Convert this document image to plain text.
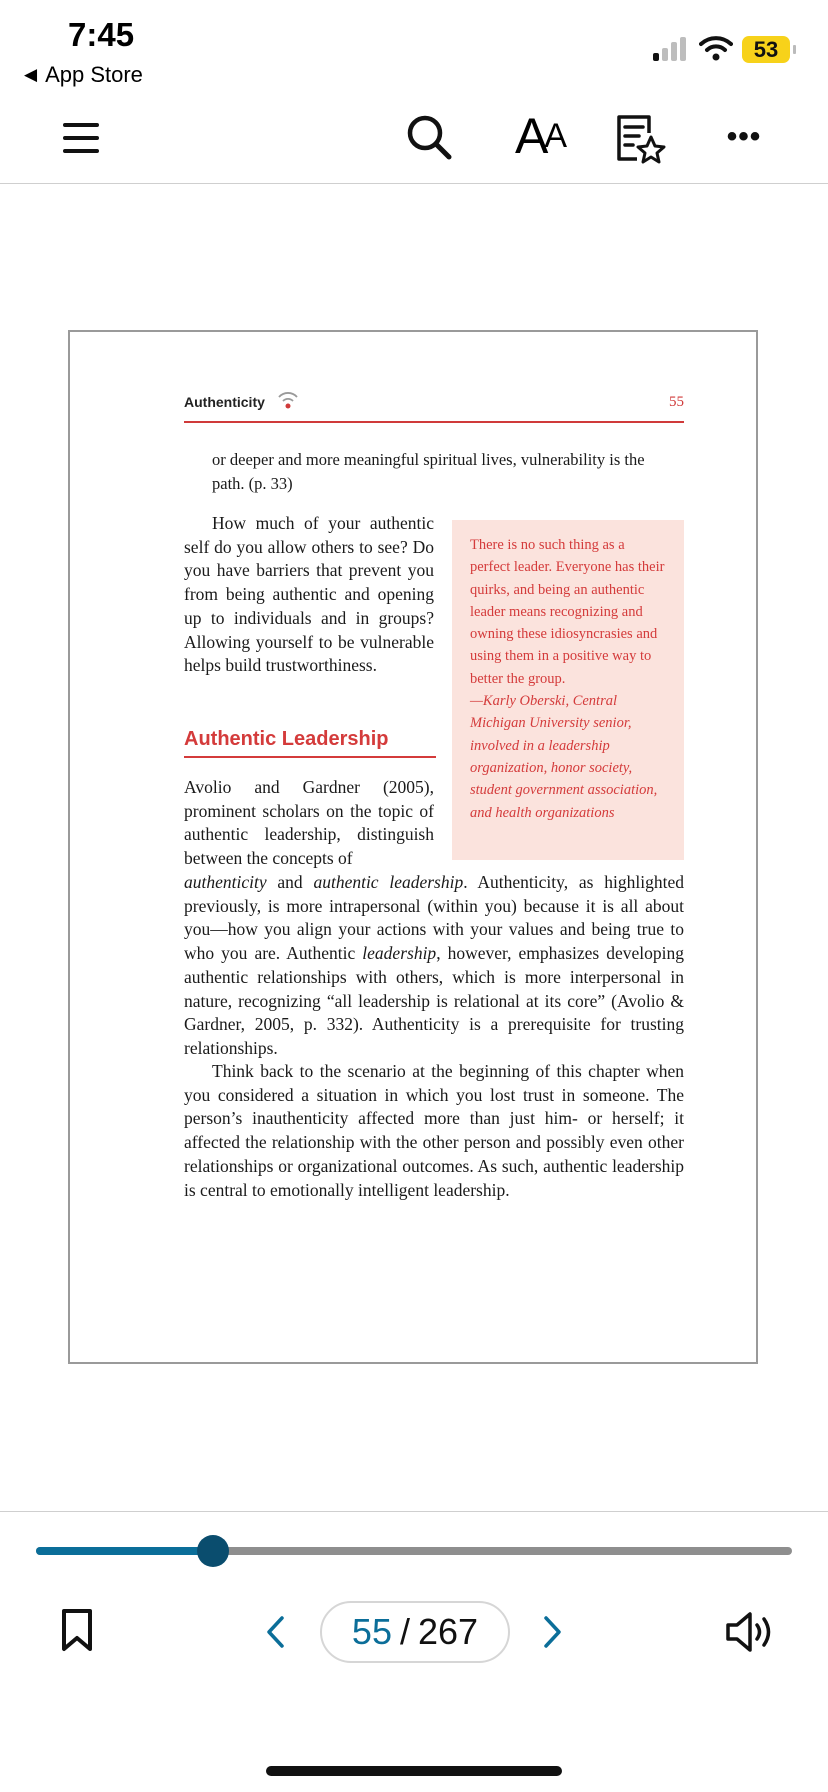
7:45
◀ App Store
53
A A	•••
Authenticity	55
or deeper and more meaningful spiritual lives, vulnerability is the path. (p. 33)
How much of your authentic self do you allow others to see? Do you have barriers that prevent you from being authentic and opening up to individuals and in groups? Allowing yourself to be vulnerable helps build trustworthiness.
There is no such thing as a perfect leader. Everyone has their quirks, and being an authentic leader means recognizing and owning these idiosyncrasies and using them in a positive way to better the group.
—Karly Oberski, Central Michigan University senior, involved in a leadership organization, honor society, student government association, and health organizations
Authentic Leadership
Avolio and Gardner (2005), prominent scholars on the topic of authentic leadership, distinguish between the concepts of
authenticity and authentic leadership. Authenticity, as highlighted previously, is more intrapersonal (within you) because it is all about you—how you align your actions with your values and being true to who you are. Authentic leadership, however, emphasizes developing authentic relationships with others, which is more interpersonal in nature, recognizing “all leadership is relational at its core” (Avolio & Gardner, 2005, p. 332). Authenticity is a prerequisite for trusting relationships.
Think back to the scenario at the beginning of this chapter when you considered a situation in which you lost trust in someone. The person’s inauthenticity affected more than just him- or herself; it affected the relationship with the other person and possibly even other relationships or organizational outcomes. As such, authentic leadership is central to emotionally intelligent leadership.
55 / 267
